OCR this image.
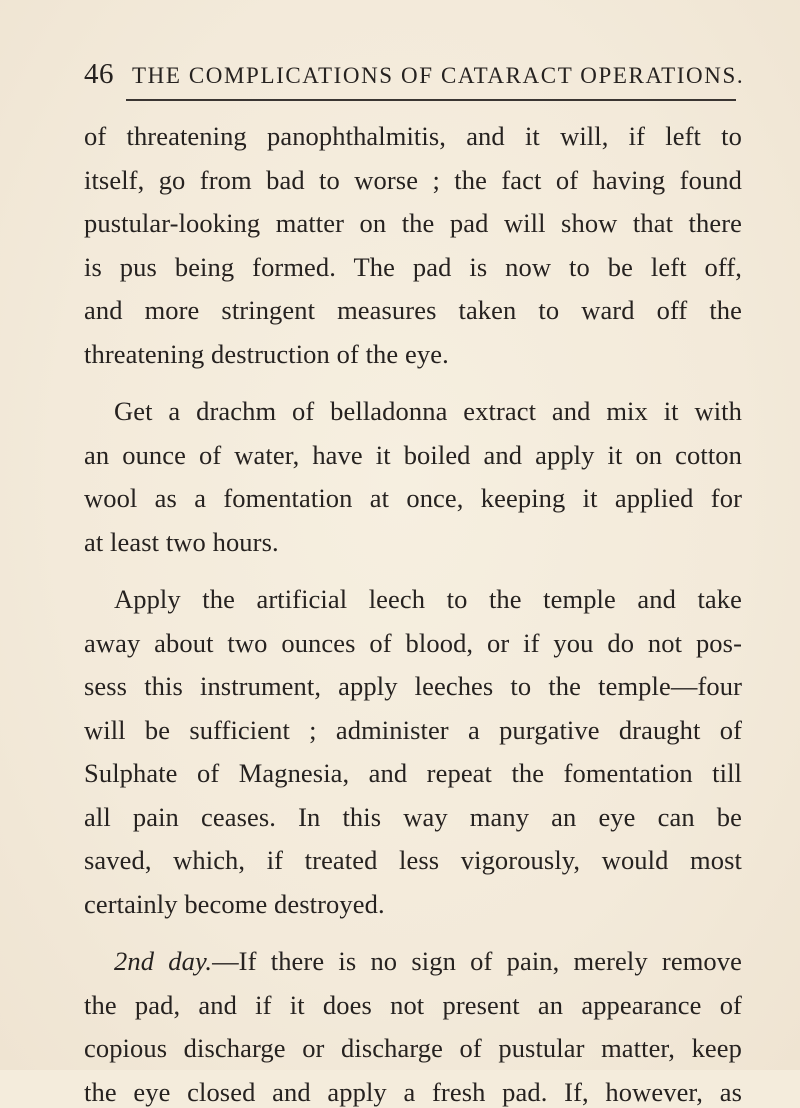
46 THE COMPLICATIONS OF CATARACT OPERATIONS.
of threatening panophthalmitis, and it will, if left to
itself, go from bad to worse ; the fact of having found
pustular-looking matter on the pad will show that there
is pus being formed. The pad is now to be left off,
and more stringent measures taken to ward off the
threatening destruction of the eye.
Get a drachm of belladonna extract and mix it with
an ounce of water, have it boiled and apply it on cotton
wool as a fomentation at once, keeping it applied for
at least two hours.
Apply the artificial leech to the temple and take
away about two ounces of blood, or if you do not pos-
sess this instrument, apply leeches to the temple—four
will be sufficient ; administer a purgative draught of
Sulphate of Magnesia, and repeat the fomentation till
all pain ceases. In this way many an eye can be
saved, which, if treated less vigorously, would most
certainly become destroyed.
2nd day.—If there is no sign of pain, merely remove
the pad, and if it does not present an appearance of
copious discharge or discharge of pustular matter, keep
the eye closed and apply a fresh pad. If, however, as
